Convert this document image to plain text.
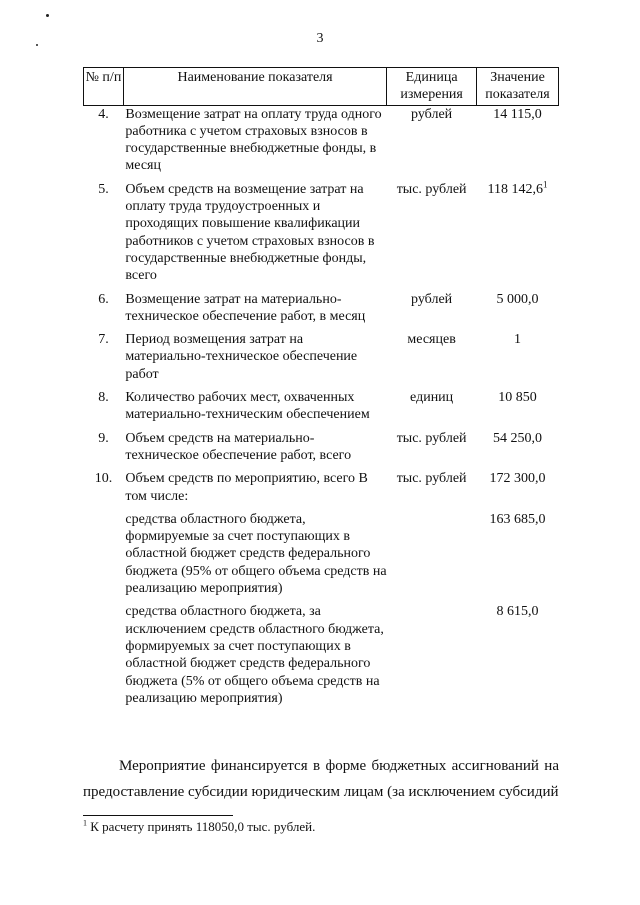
3
№ п/п	Наименование показателя	Единица измерения	Значение показателя
4.	Возмещение затрат на оплату труда одного работника с учетом страховых взносов в государственные внебюджетные фонды, в месяц	рублей	14 115,0
5.	Объем средств на возмещение затрат на оплату труда трудоустроенных и проходящих повышение квалификации работников с учетом страховых взносов в государственные внебюджетные фонды, всего	тыс. рублей	118 142,6$^1$
6.	Возмещение затрат на материально-техническое обеспечение работ, в месяц	рублей	5 000,0
7.	Период возмещения затрат на материально-техническое обеспечение работ	месяцев	1
8.	Количество рабочих мест, охваченных материально-техническим обеспечением	единиц	10 850
9.	Объем средств на материально-техническое обеспечение работ, всего	тыс. рублей	54 250,0
10.	Объем средств по мероприятию, всего В том числе:	тыс. рублей	172 300,0
	средства областного бюджета, формируемые за счет поступающих в областной бюджет средств федерального бюджета (95% от общего объема средств на реализацию мероприятия)		163 685,0
	средства областного бюджета, за исключением средств областного бюджета, формируемых за счет поступающих в областной бюджет средств федерального бюджета (5% от общего объема средств на реализацию мероприятия)		8 615,0
Мероприятие финансируется в форме бюджетных ассигнований на предоставление субсидии юридическим лицам (за исключением субсидий
$^1$ К расчету принять 118050,0 тыс. рублей.
